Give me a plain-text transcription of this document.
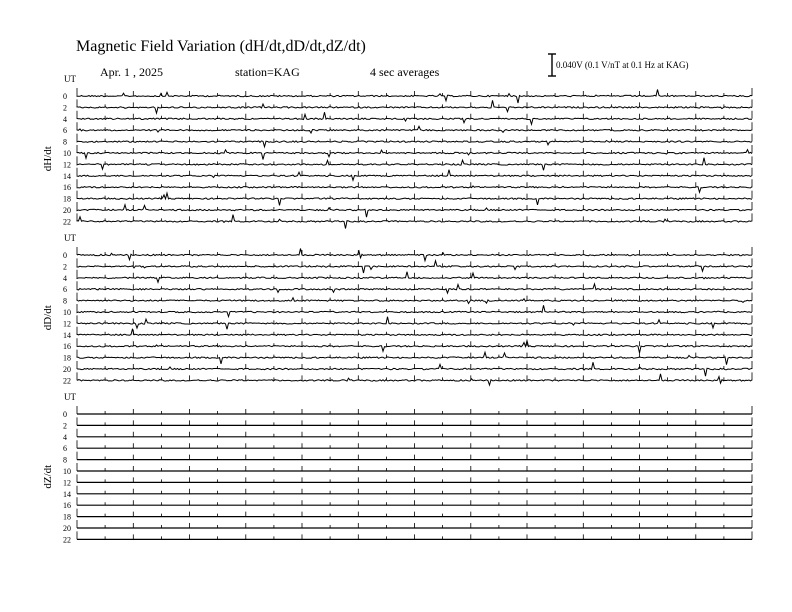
UT
dH/dt
0
2
4
6
8
10
12
14
16
18
20
22
UT
dD/dt
0
2
4
6
8
10
12
14
16
18
20
22
UT
dZ/dt
0
2
4
6
8
10
12
14
16
18
20
22
Magnetic Field Variation (dH/dt,dD/dt,dZ/dt)
Apr. 1 , 2025	station=KAG	4 sec averages	0.040V (0.1 V/nT at 0.1 Hz at KAG)
